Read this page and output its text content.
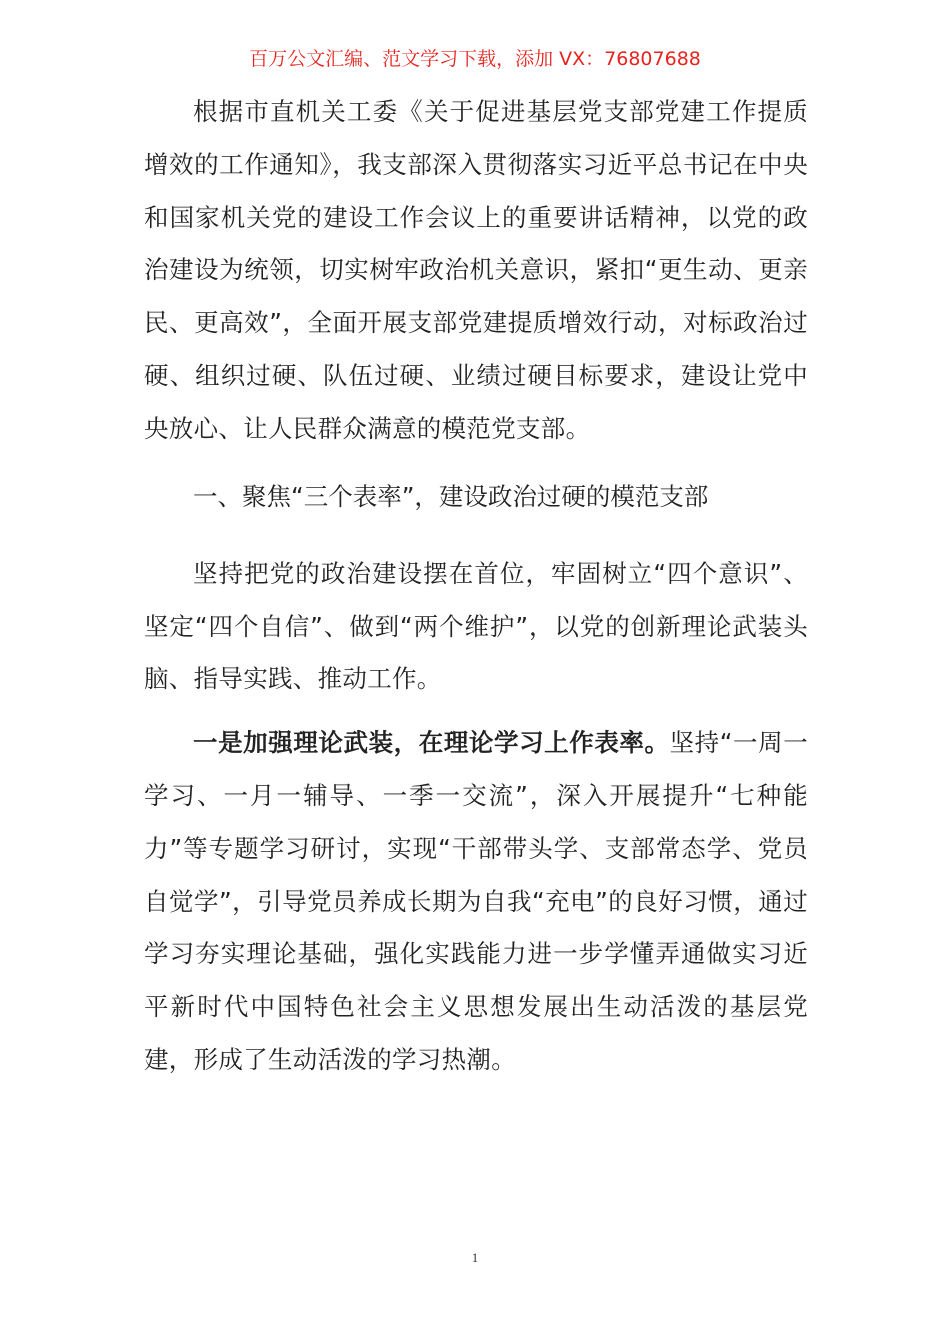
百万公文汇编、范文学习下载，添加 VX：76807688

根据市直机关工委《关于促进基层党支部党建工作提质增效的工作通知》，我支部深入贯彻落实习近平总书记在中央和国家机关党的建设工作会议上的重要讲话精神，以党的政治建设为统领，切实树牢政治机关意识，紧扣“更生动、更亲民、更高效”，全面开展支部党建提质增效行动，对标政治过硬、组织过硬、队伍过硬、业绩过硬目标要求，建设让党中央放心、让人民群众满意的模范党支部。

一、聚焦“三个表率”，建设政治过硬的模范支部

坚持把党的政治建设摆在首位，牢固树立“四个意识”、坚定“四个自信”、做到“两个维护”，以党的创新理论武装头脑、指导实践、推动工作。

一是加强理论武装，在理论学习上作表率。坚持“一周一学习、一月一辅导、一季一交流”，深入开展提升“七种能力”等专题学习研讨，实现“干部带头学、支部常态学、党员自觉学”，引导党员养成长期为自我“充电”的良好习惯，通过学习夯实理论基础，强化实践能力进一步学懂弄通做实习近平新时代中国特色社会主义思想发展出生动活泼的基层党建，形成了生动活泼的学习热潮。

1
